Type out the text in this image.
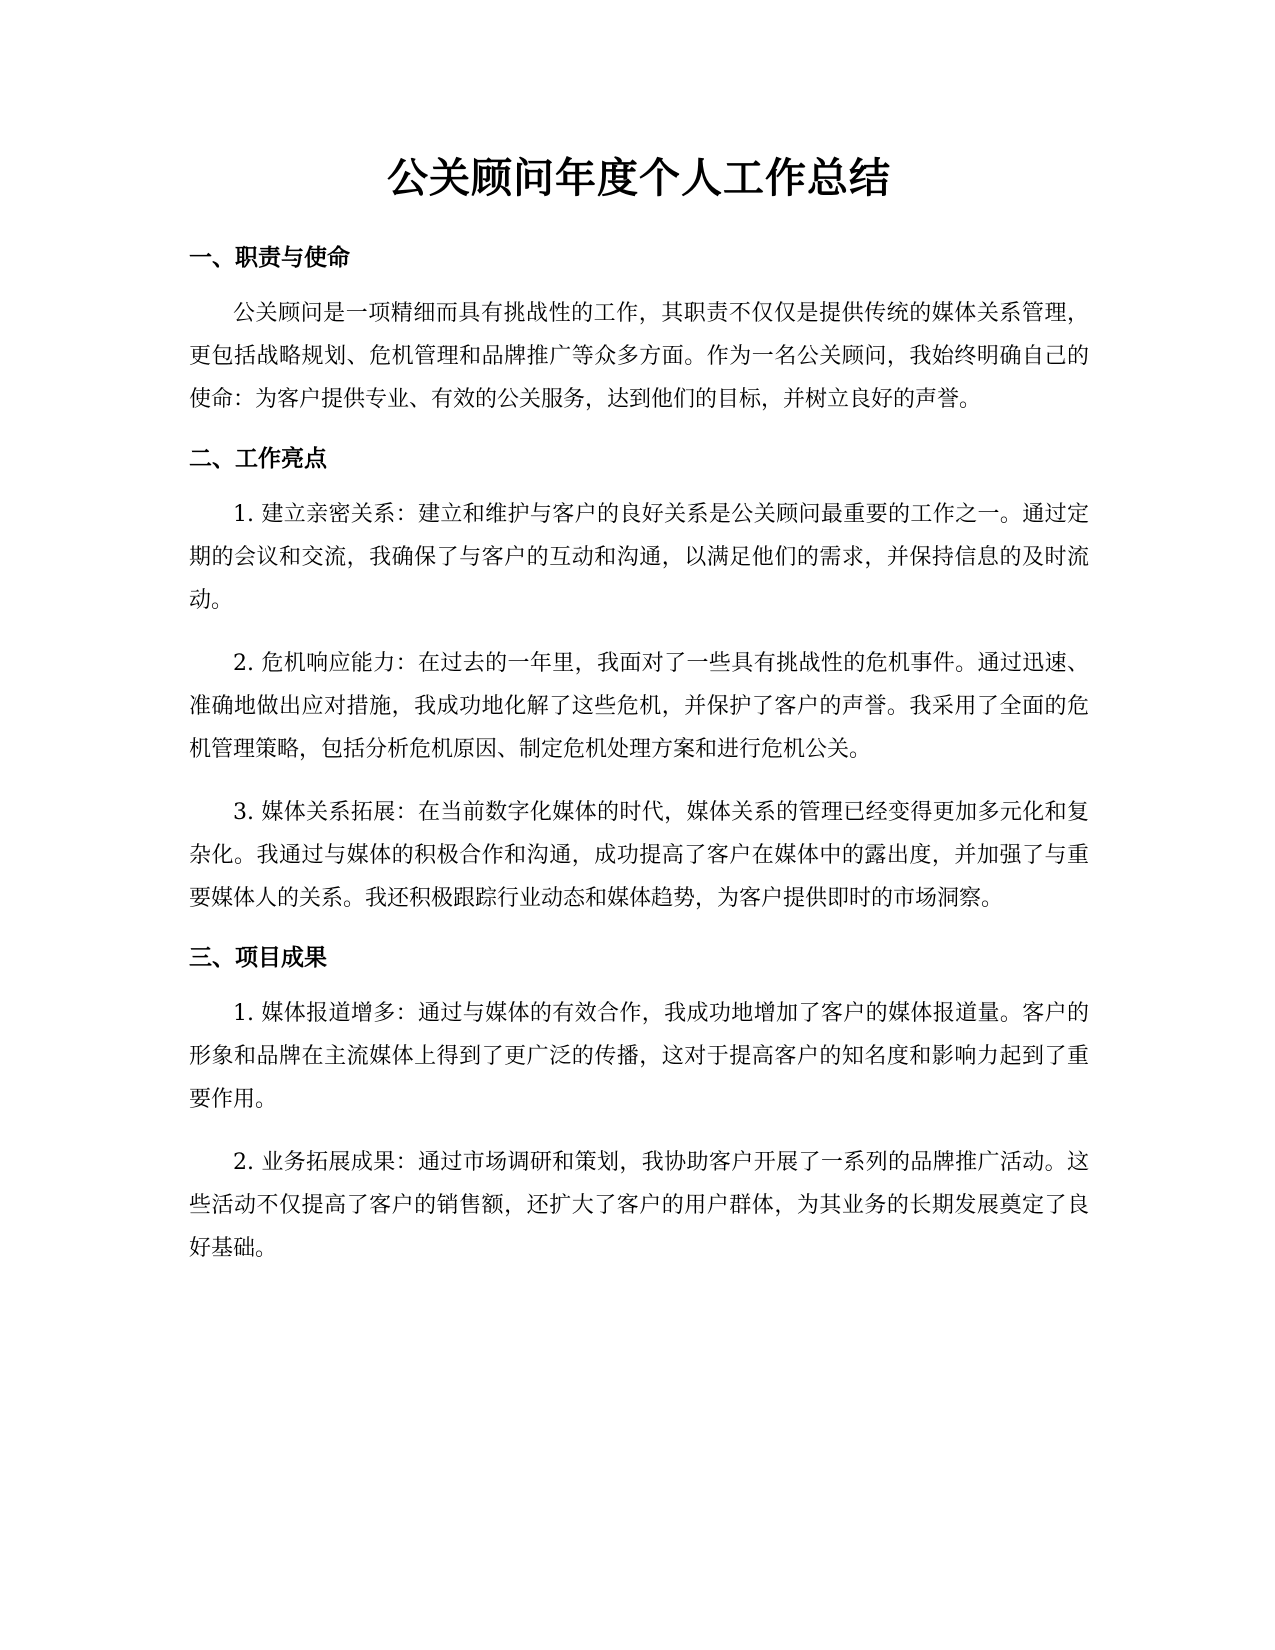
公关顾问年度个人工作总结
一、职责与使命

公关顾问是一项精细而具有挑战性的工作，其职责不仅仅是提供传统的媒体关系管理，更包括战略规划、危机管理和品牌推广等众多方面。作为一名公关顾问，我始终明确自己的使命：为客户提供专业、有效的公关服务，达到他们的目标，并树立良好的声誉。

二、工作亮点

1. 建立亲密关系：建立和维护与客户的良好关系是公关顾问最重要的工作之一。通过定期的会议和交流，我确保了与客户的互动和沟通，以满足他们的需求，并保持信息的及时流动。

2. 危机响应能力：在过去的一年里，我面对了一些具有挑战性的危机事件。通过迅速、准确地做出应对措施，我成功地化解了这些危机，并保护了客户的声誉。我采用了全面的危机管理策略，包括分析危机原因、制定危机处理方案和进行危机公关。

3. 媒体关系拓展：在当前数字化媒体的时代，媒体关系的管理已经变得更加多元化和复杂化。我通过与媒体的积极合作和沟通，成功提高了客户在媒体中的露出度，并加强了与重要媒体人的关系。我还积极跟踪行业动态和媒体趋势，为客户提供即时的市场洞察。

三、项目成果

1. 媒体报道增多：通过与媒体的有效合作，我成功地增加了客户的媒体报道量。客户的形象和品牌在主流媒体上得到了更广泛的传播，这对于提高客户的知名度和影响力起到了重要作用。

2. 业务拓展成果：通过市场调研和策划，我协助客户开展了一系列的品牌推广活动。这些活动不仅提高了客户的销售额，还扩大了客户的用户群体，为其业务的长期发展奠定了良好基础。
